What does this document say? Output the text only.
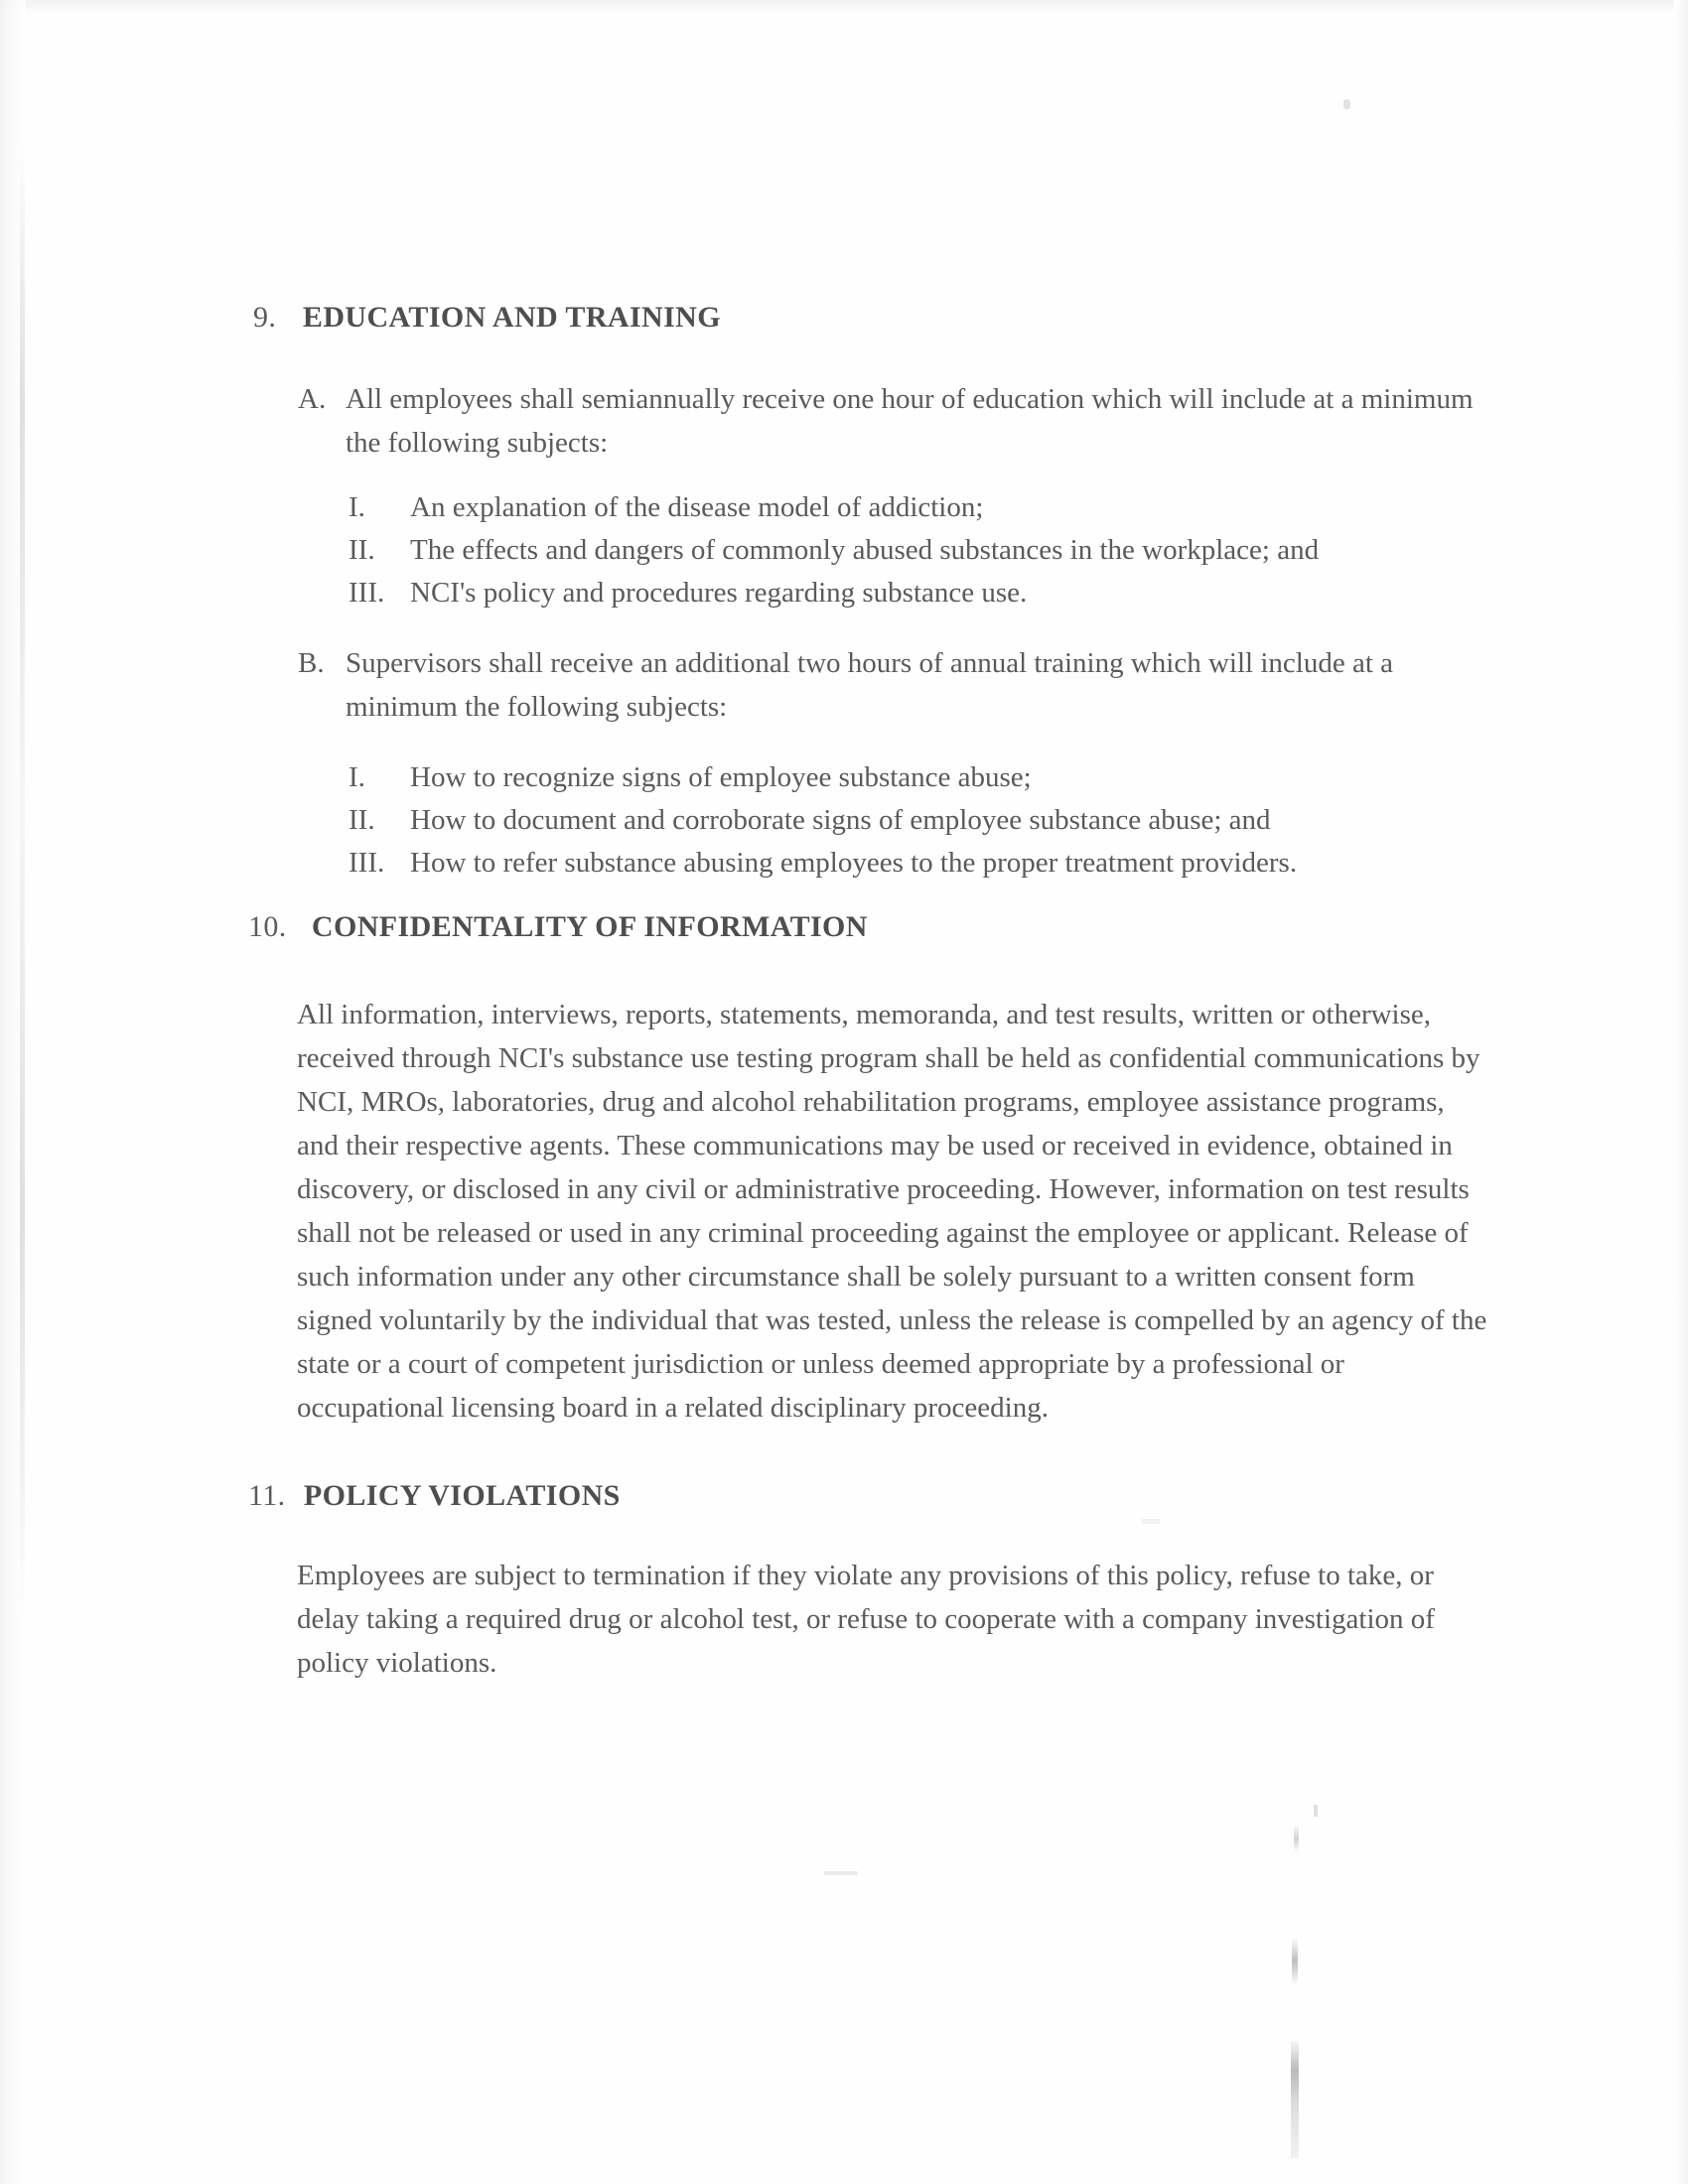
9. EDUCATION AND TRAINING
A. All employees shall semiannually receive one hour of education which will include at a minimum the following subjects:
I. An explanation of the disease model of addiction;
II. The effects and dangers of commonly abused substances in the workplace; and
III. NCI's policy and procedures regarding substance use.
B. Supervisors shall receive an additional two hours of annual training which will include at a minimum the following subjects:
I. How to recognize signs of employee substance abuse;
II. How to document and corroborate signs of employee substance abuse; and
III. How to refer substance abusing employees to the proper treatment providers.
10. CONFIDENTALITY OF INFORMATION
All information, interviews, reports, statements, memoranda, and test results, written or otherwise, received through NCI's substance use testing program shall be held as confidential communications by NCI, MROs, laboratories, drug and alcohol rehabilitation programs, employee assistance programs, and their respective agents. These communications may be used or received in evidence, obtained in discovery, or disclosed in any civil or administrative proceeding. However, information on test results shall not be released or used in any criminal proceeding against the employee or applicant. Release of such information under any other circumstance shall be solely pursuant to a written consent form signed voluntarily by the individual that was tested, unless the release is compelled by an agency of the state or a court of competent jurisdiction or unless deemed appropriate by a professional or occupational licensing board in a related disciplinary proceeding.
11. POLICY VIOLATIONS
Employees are subject to termination if they violate any provisions of this policy, refuse to take, or delay taking a required drug or alcohol test, or refuse to cooperate with a company investigation of policy violations.
